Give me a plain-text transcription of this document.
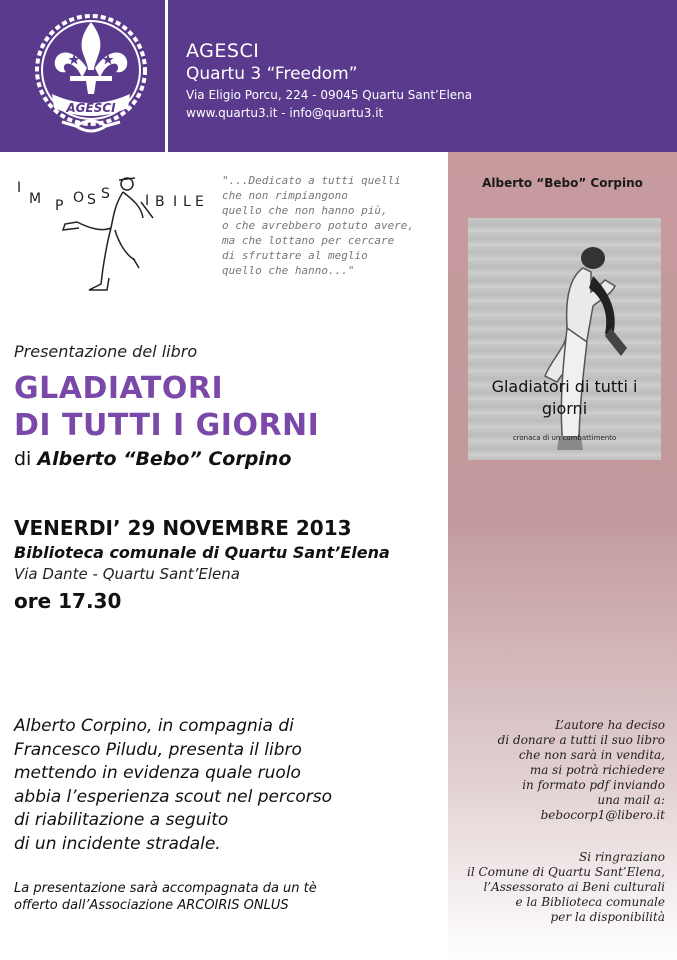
AGESCI
AGESCI
Quartu 3 “Freedom”
Via Eligio Porcu, 224 - 09045 Quartu Sant’Elena
www.quartu3.it - info@quartu3.it
Alberto “Bebo” Corpino
Gladiatori di tutti i
giorni
cronaca di un combattimento
L’autore ha deciso
di donare a tutti il suo libro
che non sarà in vendita,
ma si potrà richiedere
in formato pdf inviando
una mail a:
bebocorp1@libero.it
Si ringraziano
il Comune di Quartu Sant’Elena,
l’Assessorato ai Beni culturali
e la Biblioteca comunale
per la disponibilità
I
M P O S S	I B I L E
"...Dedicato a tutti quelli
che non rimpiangono
quello che non hanno più,
o che avrebbero potuto avere,
ma che lottano per cercare
di sfruttare al meglio
quello che hanno..."
Presentazione del libro
GLADIATORI
DI TUTTI I GIORNI
di Alberto “Bebo” Corpino
VENERDI’ 29 NOVEMBRE 2013
Biblioteca comunale di Quartu Sant’Elena
Via Dante - Quartu Sant’Elena
ore 17.30
Alberto Corpino, in compagnia di
Francesco Piludu, presenta il libro
mettendo in evidenza quale ruolo
abbia l’esperienza scout nel percorso
di riabilitazione a seguito
di un incidente stradale.
La presentazione sarà accompagnata da un tè
offerto dall’Associazione ARCOIRIS ONLUS
